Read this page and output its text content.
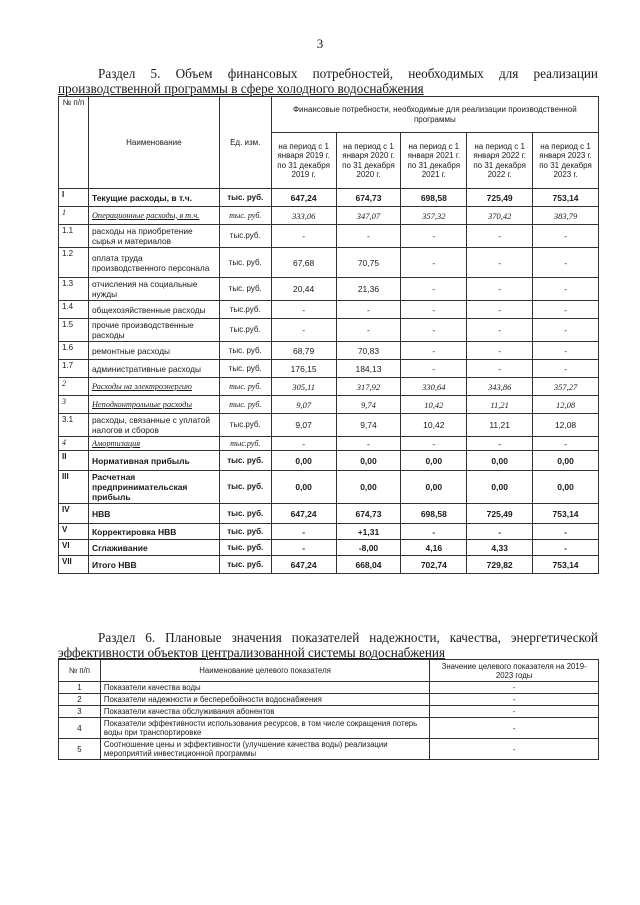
3
Раздел 5. Объем финансовых потребностей, необходимых для реализации
производственной программы в сфере холодного водоснабжения
№ п/п	Наименование	Ед. изм.	Финансовые потребности, необходимые для реализации производственной программы				
			на период с 1 января 2019 г. по 31 декабря 2019 г.	на период с 1 января 2020 г. по 31 декабря 2020 г.	на период с 1 января 2021 г. по 31 декабря 2021 г.	на период с 1 января 2022 г. по 31 декабря 2022 г.	на период с 1 января 2023 г. по 31 декабря 2023 г.
I	Текущие расходы, в т.ч.	тыс. руб.	647,24	674,73	698,58	725,49	753,14
1	Операционные расходы, в т.ч.	тыс. руб.	333,06	347,07	357,32	370,42	383,79
1.1	расходы на приобретение сырья и материалов	тыс.руб.	-	-	-	-	-
1.2	оплата труда производственного персонала	тыс. руб.	67,68	70,75	-	-	-
1.3	отчисления на социальные нужды	тыс. руб.	20,44	21,36	-	-	-
1.4	общехозяйственные расходы	тыс.руб.	-	-	-	-	-
1.5	прочие производственные расходы	тыс.руб.	-	-	-	-	-
1.6	ремонтные расходы	тыс. руб.	68,79	70,83	-	-	-
1.7	административные расходы	тыс. руб.	176,15	184,13	-	-	-
2	Расходы на электроэнергию	тыс. руб.	305,11	317,92	330,64	343,86	357,27
3	Неподконтрольные расходы	тыс. руб.	9,07	9,74	10,42	11,21	12,08
3.1	расходы, связанные с уплатой налогов и сборов	тыс.руб.	9,07	9,74	10,42	11,21	12,08
4	Амортизация	тыс.руб.	-	-	-	-	-
II	Нормативная прибыль	тыс. руб.	0,00	0,00	0,00	0,00	0,00
III	Расчетная предпринимательская прибыль	тыс. руб.	0,00	0,00	0,00	0,00	0,00
IV	НВВ	тыс. руб.	647,24	674,73	698,58	725,49	753,14
V	Корректировка НВВ	тыс. руб.	-	+1,31	-	-	-
VI	Сглаживание	тыс. руб.	-	-8,00	4,16	4,33	-
VII	Итого НВВ	тыс. руб.	647,24	668,04	702,74	729,82	753,14
Раздел 6. Плановые значения показателей надежности, качества, энергетической
эффективности объектов централизованной системы водоснабжения
№ п/п	Наименование целевого показателя	Значение целевого показателя на 2019-2023 годы
1	Показатели качества воды	-
2	Показатели надежности и бесперебойности водоснабжения	-
3	Показатели качества обслуживания абонентов	-
4	Показатели эффективности использования ресурсов, в том числе сокращения потерь воды при транспортировке	-
5	Соотношение цены и эффективности (улучшение качества воды) реализации мероприятий инвестиционной программы	-
